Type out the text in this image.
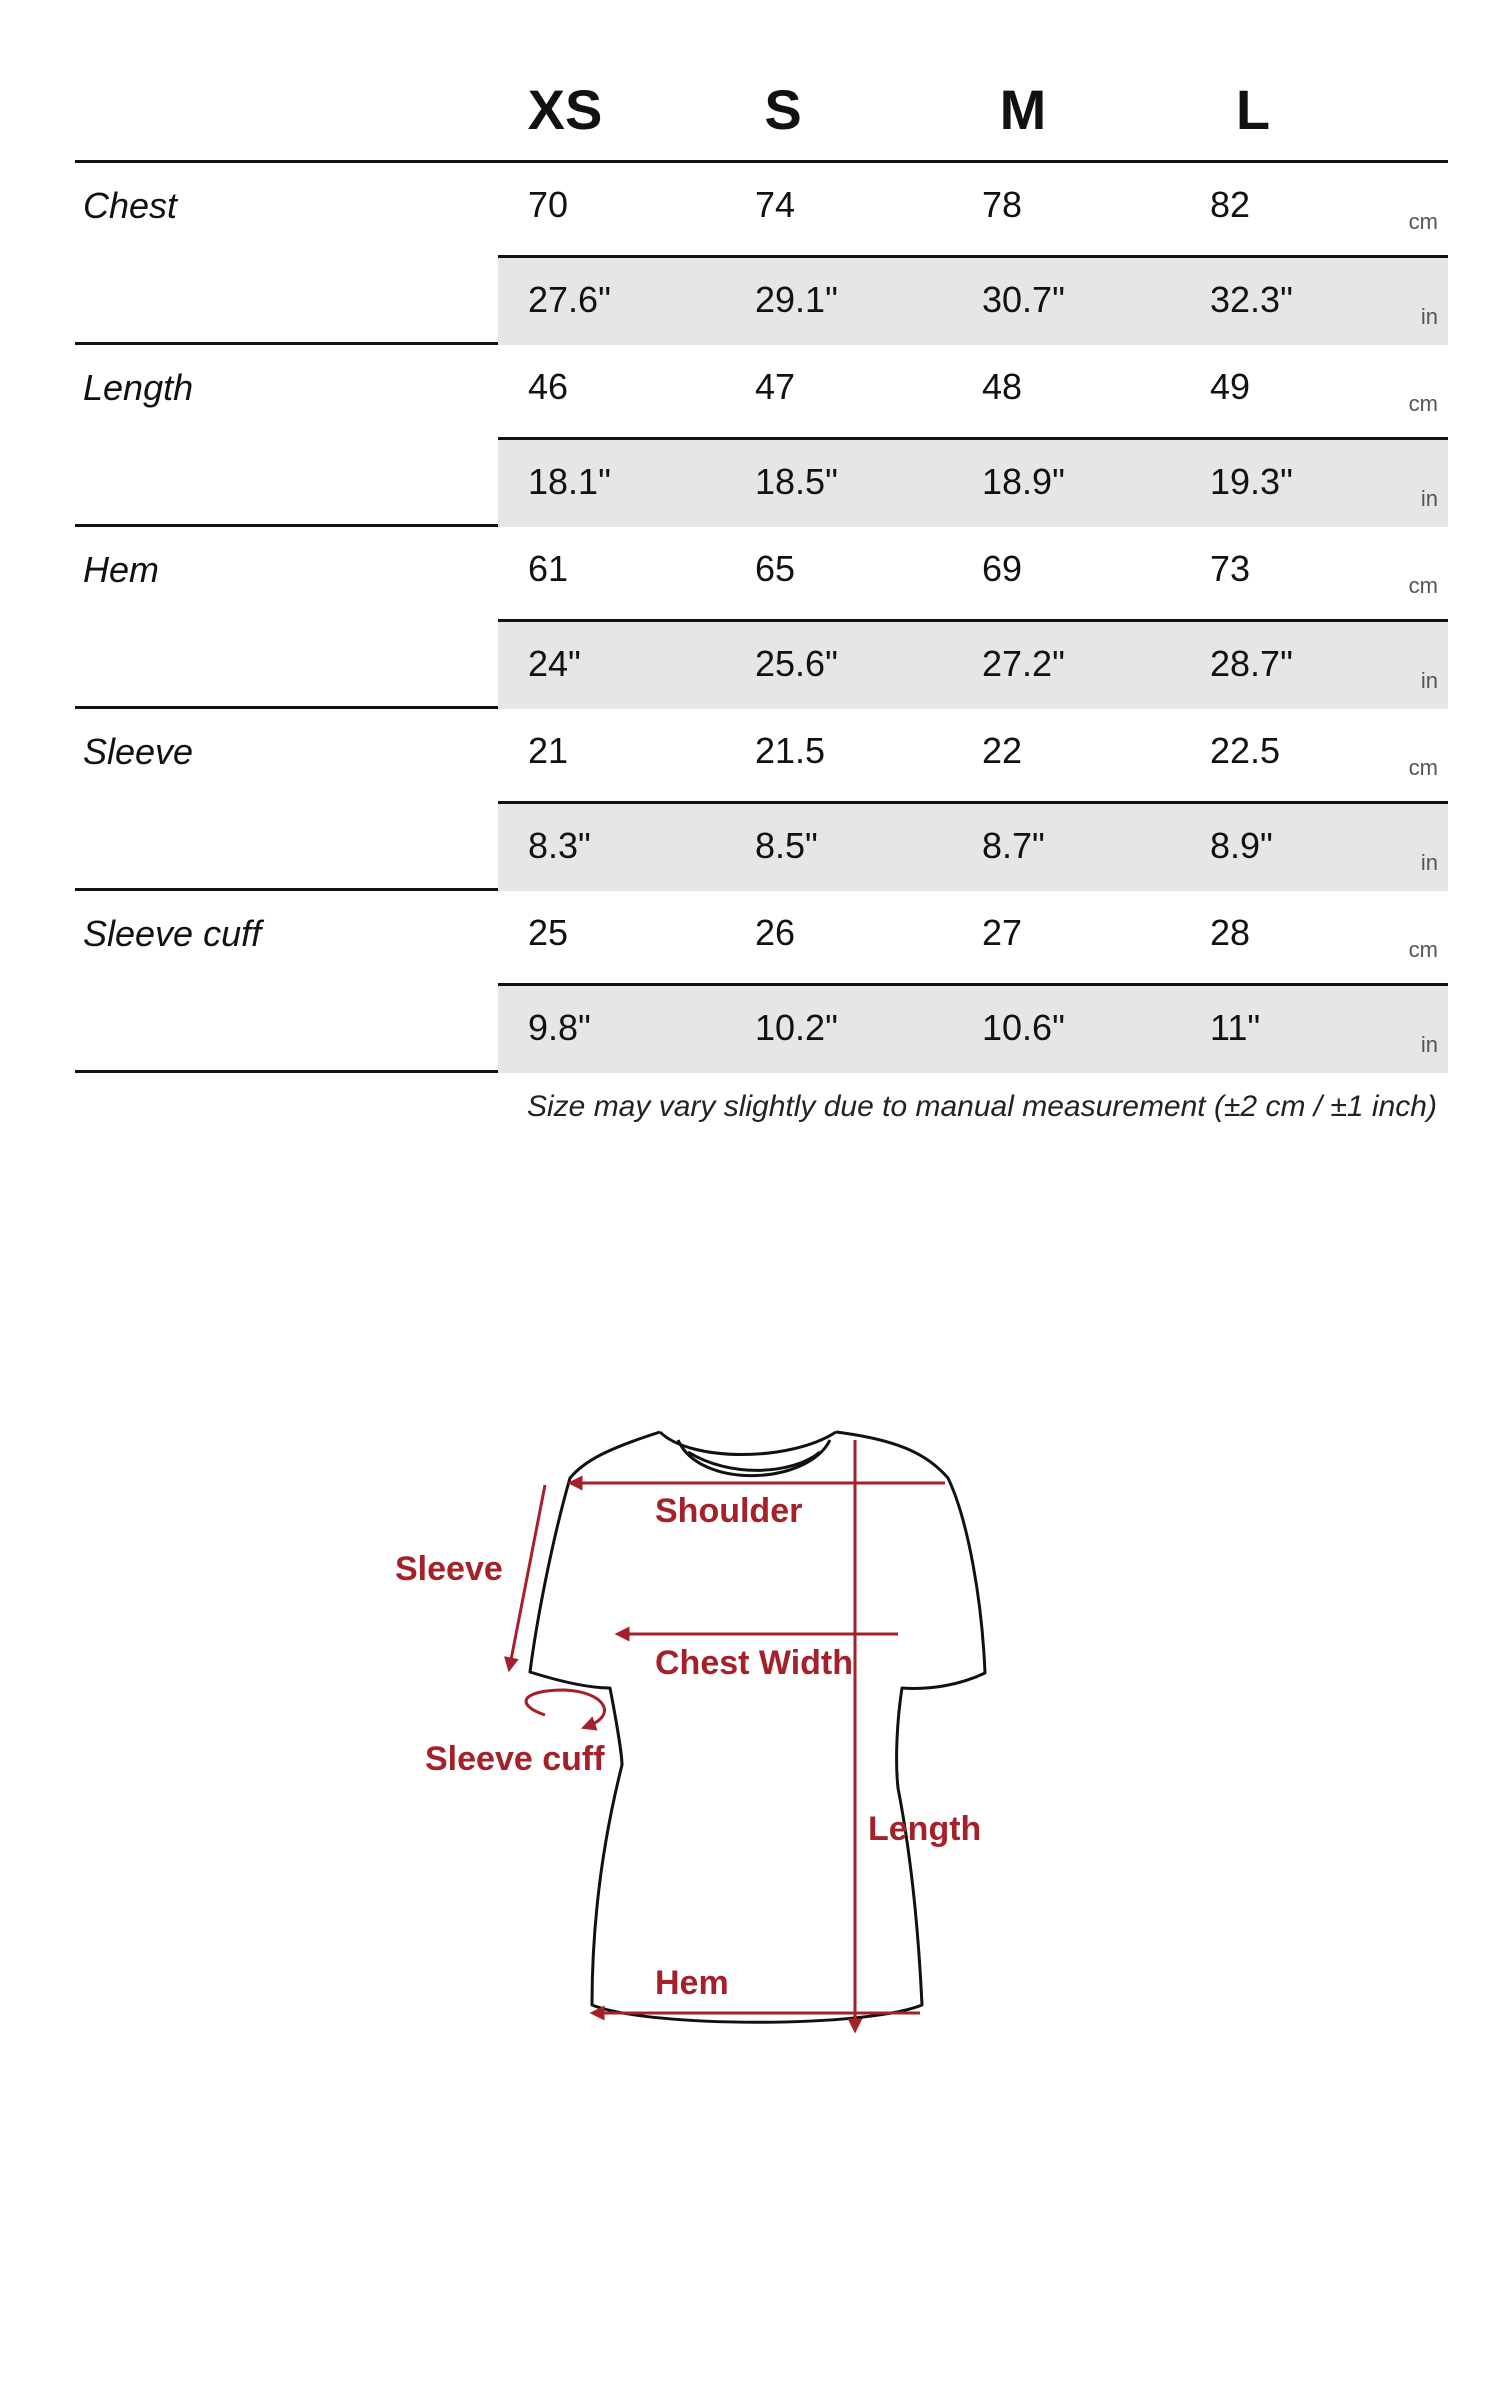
XS	S	M	L
Chest	70	74	78	82	cm
27.6"	29.1"	30.7"	32.3"	in
Length	46	47	48	49	cm
18.1"	18.5"	18.9"	19.3"	in
Hem	61	65	69	73	cm
24"	25.6"	27.2"	28.7"	in
Sleeve	21	21.5	22	22.5	cm
8.3"	8.5"	8.7"	8.9"	in
Sleeve cuff	25	26	27	28	cm
9.8"	10.2"	10.6"	11"	in
Size may vary slightly due to manual measurement (±2 cm / ±1 inch)
Shoulder
Sleeve
Chest Width
Sleeve cuff
Length
Hem
